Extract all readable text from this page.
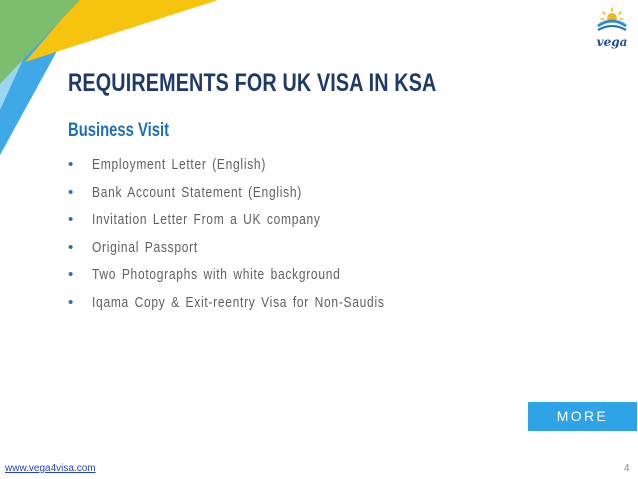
vega
REQUIREMENTS FOR UK VISA IN KSA
Business Visit
• Employment Letter (English)
• Bank Account Statement (English)
• Invitation Letter From a UK company
• Original Passport
• Two Photographs with white background
• Iqama Copy & Exit-reentry Visa for Non-Saudis
MORE INFO…
www.vega4visa.com	4
